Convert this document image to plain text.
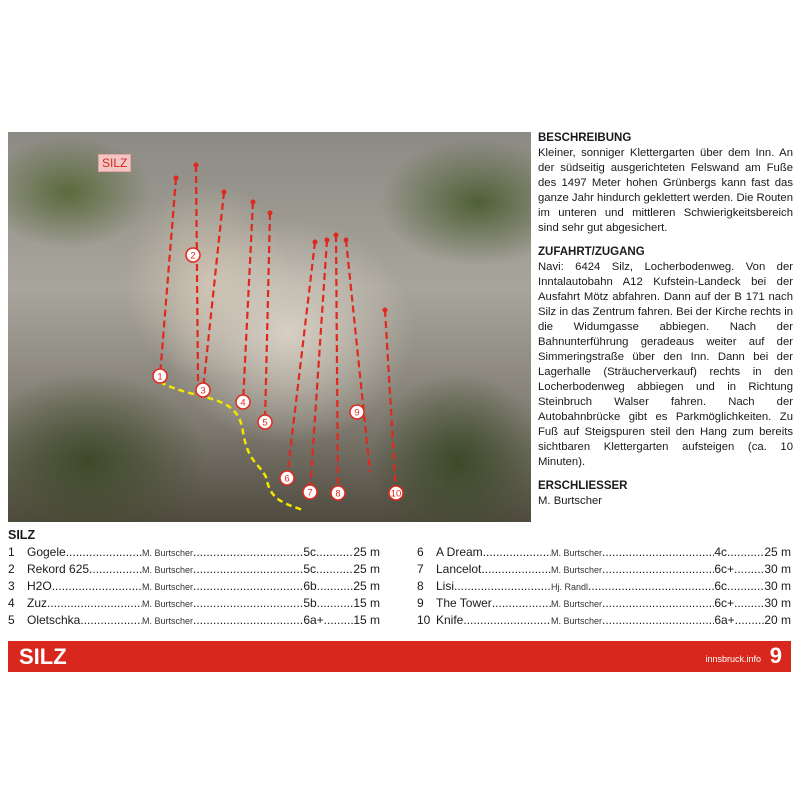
1
2
3
4
5
6
7 8
9
10
SILZ
BESCHREIBUNG

Kleiner, sonniger Klettergarten über dem Inn. An der südseitig ausgerichteten Felswand am Fuße des 1497 Meter hohen Grünbergs kann fast das ganze Jahr hindurch geklettert werden. Die Routen im unteren und mittleren Schwierigkeitsbereich sind sehr gut abgesichert.

ZUFAHRT/ZUGANG

Navi: 6424 Silz, Locherbodenweg. Von der Inntalautobahn A12 Kufstein-Landeck bei der Ausfahrt Mötz abfahren. Dann auf der B 171 nach Silz in das Zentrum fahren. Bei der Kirche rechts in die Widumgasse abbiegen. Nach der Bahnunterführung geradeaus weiter auf der Simmeringstraße über den Inn. Dann bei der Lagerhalle (Sträucherverkauf) rechts in den Locherbodenweg abbiegen und in Richtung Steinbruch Walser fahren. Nach der Autobahnbrücke gibt es Parkmöglichkeiten. Zu Fuß auf Steigspuren steil den Hang zum bereits sichtbaren Klettergarten aufsteigen (ca. 10 Minuten).

ERSCHLIESSER

M. Burtscher

SILZ
1	Gogele .....	M. Burtscher .....	5c .....	25 m
2	Rekord 625 .....	M. Burtscher .....	5c .....	25 m
3	H2O .....	M. Burtscher .....	6b .....	25 m
4	Zuz .....	M. Burtscher .....	5b .....	15 m
5	Oletschka .....	M. Burtscher .....	6a+ ..... 15 m
6	A Dream .....	M. Burtscher .....	4c .....	25 m
7	Lancelot .....	M. Burtscher .....	6c+ .....	30 m
8	Lisi .....	Hj. Randl .....	6c .....	30 m
9	The Tower .....	M. Burtscher .....	6c+ .....	30 m
10 Knife .....	M. Burtscher .....	6a+ ..... 20 m
SILZ	innsbruck.info 9
